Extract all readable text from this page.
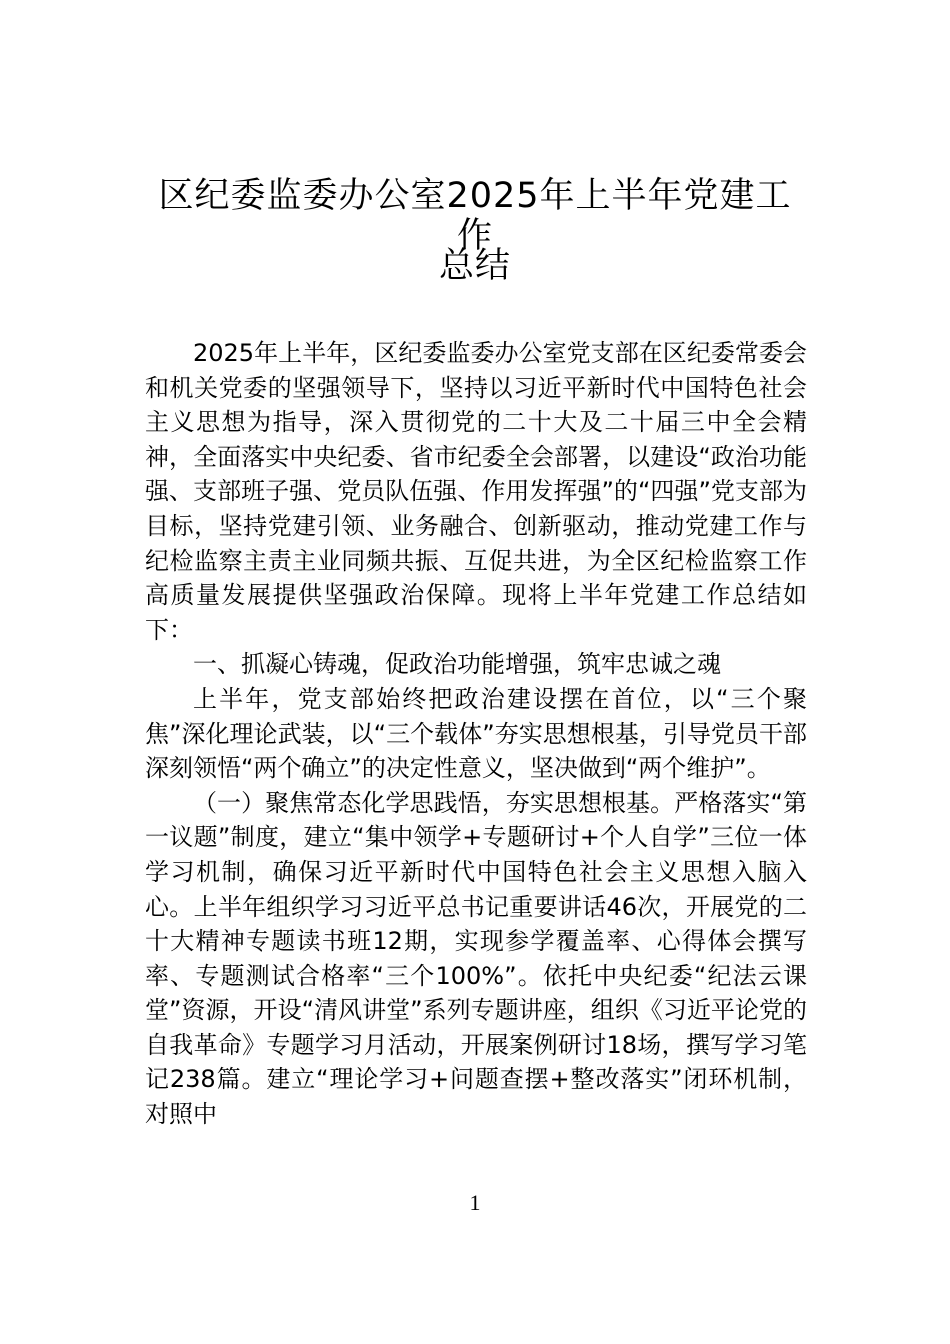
区纪委监委办公室2025年上半年党建工作
总结

2025年上半年，区纪委监委办公室党支部在区纪委常委会和机关党委的坚强领导下，坚持以习近平新时代中国特色社会主义思想为指导，深入贯彻党的二十大及二十届三中全会精神，全面落实中央纪委、省市纪委全会部署，以建设“政治功能强、支部班子强、党员队伍强、作用发挥强”的“四强”党支部为目标，坚持党建引领、业务融合、创新驱动，推动党建工作与纪检监察主责主业同频共振、互促共进，为全区纪检监察工作高质量发展提供坚强政治保障。现将上半年党建工作总结如下：

一、抓凝心铸魂，促政治功能增强，筑牢忠诚之魂

上半年，党支部始终把政治建设摆在首位，以“三个聚焦”深化理论武装，以“三个载体”夯实思想根基，引导党员干部深刻领悟“两个确立”的决定性意义，坚决做到“两个维护”。

（一）聚焦常态化学思践悟，夯实思想根基。严格落实“第一议题”制度，建立“集中领学+专题研讨+个人自学”三位一体学习机制，确保习近平新时代中国特色社会主义思想入脑入心。上半年组织学习习近平总书记重要讲话46次，开展党的二十大精神专题读书班12期，实现参学覆盖率、心得体会撰写率、专题测试合格率“三个100%”。依托中央纪委“纪法云课堂”资源，开设“清风讲堂”系列专题讲座，组织《习近平论党的自我革命》专题学习月活动，开展案例研讨18场，撰写学习笔记238篇。建立“理论学习+问题查摆+整改落实”闭环机制，对照中

1
